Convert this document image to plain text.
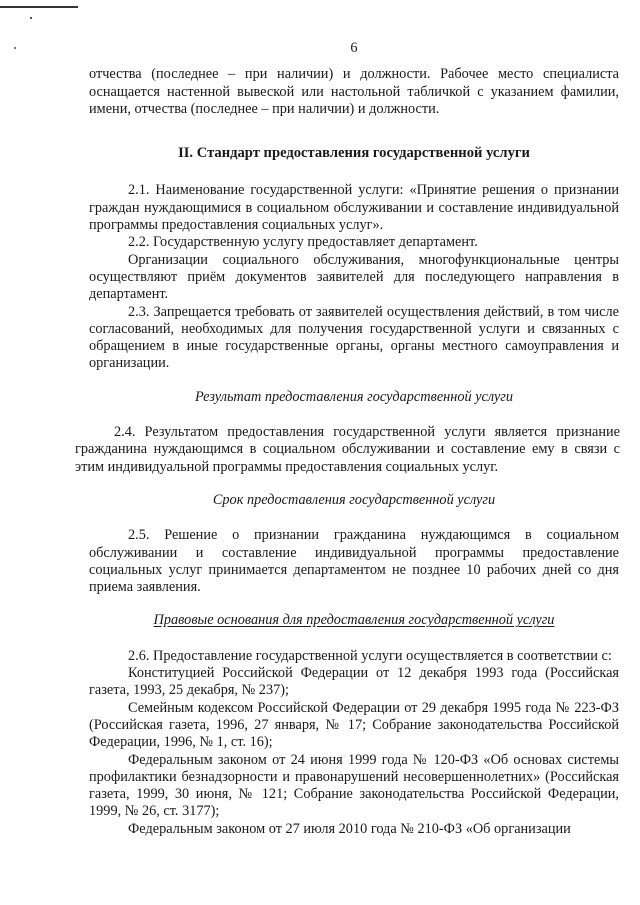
6

отчества (последнее – при наличии) и должности. Рабочее место специалиста оснащается настенной вывеской или настольной табличкой с указанием фамилии, имени, отчества (последнее – при наличии) и должности.

II. Стандарт предоставления государственной услуги

2.1. Наименование государственной услуги: «Принятие решения о признании граждан нуждающимися в социальном обслуживании и составление индивидуальной программы предоставления социальных услуг».

2.2. Государственную услугу предоставляет департамент.

Организации социального обслуживания, многофункциональные центры осуществляют приём документов заявителей для последующего направления в департамент.

2.3. Запрещается требовать от заявителей осуществления действий, в том числе согласований, необходимых для получения государственной услуги и связанных с обращением в иные государственные органы, органы местного самоуправления и организации.

Результат предоставления государственной услуги

2.4. Результатом предоставления государственной услуги является признание гражданина нуждающимся в социальном обслуживании и составление ему в связи с этим индивидуальной программы предоставления социальных услуг.

Срок предоставления государственной услуги

2.5. Решение о признании гражданина нуждающимся в социальном обслуживании и составление индивидуальной программы предоставление социальных услуг принимается департаментом не позднее 10 рабочих дней со дня приема заявления.

Правовые основания для предоставления государственной услуги

2.6. Предоставление государственной услуги осуществляется в соответствии с:

Конституцией Российской Федерации от 12 декабря 1993 года (Российская газета, 1993, 25 декабря, № 237);

Семейным кодексом Российской Федерации от 29 декабря 1995 года № 223-ФЗ (Российская газета, 1996, 27 января, № 17; Собрание законодательства Российской Федерации, 1996, № 1, ст. 16);

Федеральным законом от 24 июня 1999 года № 120-ФЗ «Об основах системы профилактики безнадзорности и правонарушений несовершеннолетних» (Российская газета, 1999, 30 июня, № 121; Собрание законодательства Российской Федерации, 1999, № 26, ст. 3177);

Федеральным законом от 27 июля 2010 года № 210-ФЗ «Об организации
